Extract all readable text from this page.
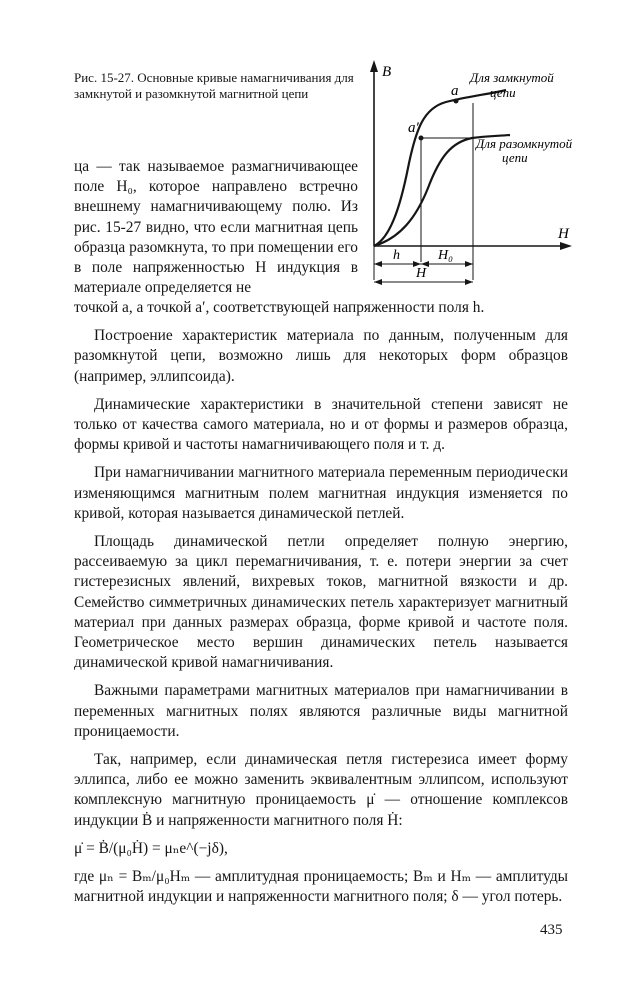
Рис. 15-27. Основные кривые намагничивания для замкнутой и разомкнутой магнитной цепи

B
H
a
a′
Для замкнутой
цепи
Для разомкнутой
цепи
h	H₀
H

ца — так называемое размагничивающее поле H₀, которое направлено встречно внешнему намагничивающему полю. Из рис. 15-27 видно, что если магнитная цепь образца разомкнута, то при помещении его в поле напряженностью H индукция в материале определяется не

точкой a, а точкой a′, соответствующей напряженности поля h.

Построение характеристик материала по данным, полученным для разомкнутой цепи, возможно лишь для некоторых форм образцов (например, эллипсоида).

Динамические характеристики в значительной степени зависят не только от качества самого материала, но и от формы и размеров образца, формы кривой и частоты намагничивающего поля и т. д.

При намагничивании магнитного материала переменным периодически изменяющимся магнитным полем магнитная индукция изменяется по кривой, которая называется динамической петлей.

Площадь динамической петли определяет полную энергию, рассеиваемую за цикл перемагничивания, т. е. потери энергии за счет гистерезисных явлений, вихревых токов, магнитной вязкости и др. Семейство симметричных динамических петель характеризует магнитный материал при данных размерах образца, форме кривой и частоте поля. Геометрическое место вершин динамических петель называется динамической кривой намагничивания.

Важными параметрами магнитных материалов при намагничивании в переменных магнитных полях являются различные виды магнитной проницаемости.

Так, например, если динамическая петля гистерезиса имеет форму эллипса, либо ее можно заменить эквивалентным эллипсом, используют комплексную магнитную проницаемость μ̇ — отношение комплексов индукции Ḃ и напряженности магнитного поля Ḣ:

μ̇ = Ḃ/(μ₀Ḣ) = μₙe^(−jδ),

где μₙ = Bₘ/μ₀Hₘ — амплитудная проницаемость; Bₘ и Hₘ — амплитуды магнитной индукции и напряженности магнитного поля; δ — угол потерь.

435
